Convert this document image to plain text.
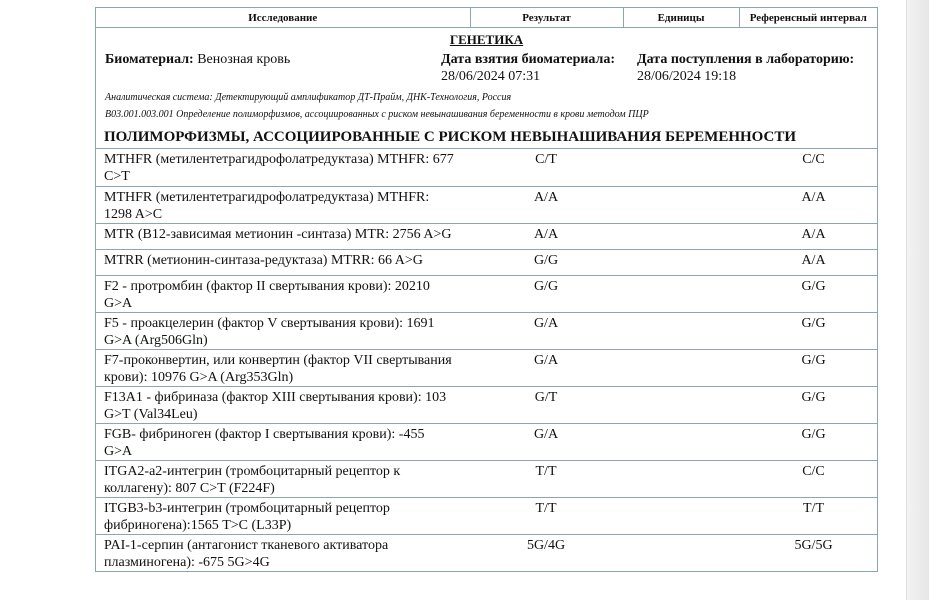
Исследование	Результат	Единицы	Референсный интервал
ГЕНЕТИКА
Биоматериал: Венозная кровь	Дата взятия биоматериала:
28/06/2024 07:31
Дата поступления в лабораторию:
28/06/2024 19:18
Аналитическая система: Детектирующий амплификатор ДТ-Прайм, ДНК-Технология, Россия
B03.001.003.001 Определение полиморфизмов, ассоциированных с риском невынашивания беременности в крови методом ПЦР
ПОЛИМОРФИЗМЫ, АССОЦИИРОВАННЫЕ С РИСКОМ НЕВЫНАШИВАНИЯ БЕРЕМЕННОСТИ
MTHFR (метилентетрагидрофолатредуктаза) MTHFR: 677
C>T	C/T		C/C

MTHFR (метилентетрагидрофолатредуктаза) MTHFR:
1298 A>C	A/A		A/A

MTR (B12-зависимая метионин -синтаза) MTR: 2756 A>G	A/A		A/A

MTRR (метионин-синтаза-редуктаза) MTRR: 66 A>G	G/G		A/A

F2 - протромбин (фактор II свертывания крови): 20210
G>A	G/G		G/G

F5 - проакцелерин (фактор V свертывания крови): 1691
G>A (Arg506Gln)	G/A		G/G

F7-проконвертин, или конвертин (фактор VII свертывания
крови): 10976 G>A (Arg353Gln)	G/A		G/G

F13A1 - фибриназа (фактор XIII свертывания крови): 103
G>T (Val34Leu)	G/T		G/G

FGB- фибриноген (фактор I свертывания крови): -455
G>A	G/A		G/G

ITGA2-a2-интегрин (тромбоцитарный рецептор к
коллагену): 807 C>T (F224F)	T/T		C/C

ITGB3-b3-интегрин (тромбоцитарный рецептор
фибриногена):1565 T>C (L33P)	T/T		T/T

PAI-1-серпин (антагонист тканевого активатора
плазминогена): -675 5G>4G	5G/4G		5G/5G
